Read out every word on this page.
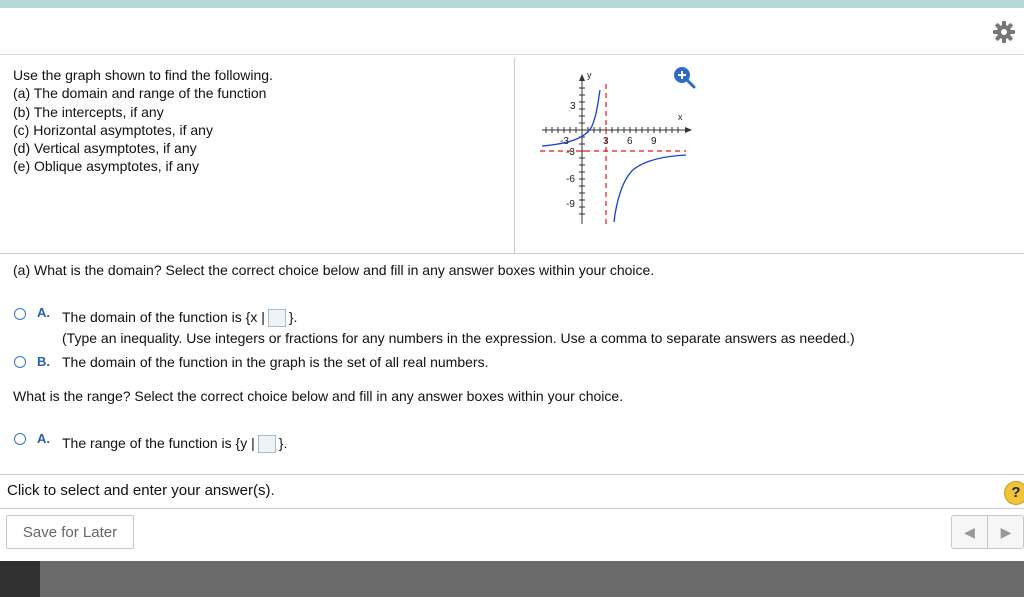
Use the graph shown to find the following.
(a) The domain and range of the function
(b) The intercepts, if any
(c) Horizontal asymptotes, if any
(d) Vertical asymptotes, if any
(e) Oblique asymptotes, if any
y
x
-3	3 6 9
3
-3
-6
-9
(a) What is the domain? Select the correct choice below and fill in any answer boxes within your choice.
A. The domain of the function is {x | }.
(Type an inequality. Use integers or fractions for any numbers in the expression. Use a comma to separate answers as needed.)
B. The domain of the function in the graph is the set of all real numbers.
What is the range? Select the correct choice below and fill in any answer boxes within your choice.
A. The range of the function is {y | }.
Click to select and enter your answer(s).	?
Save for Later	◀	▶
